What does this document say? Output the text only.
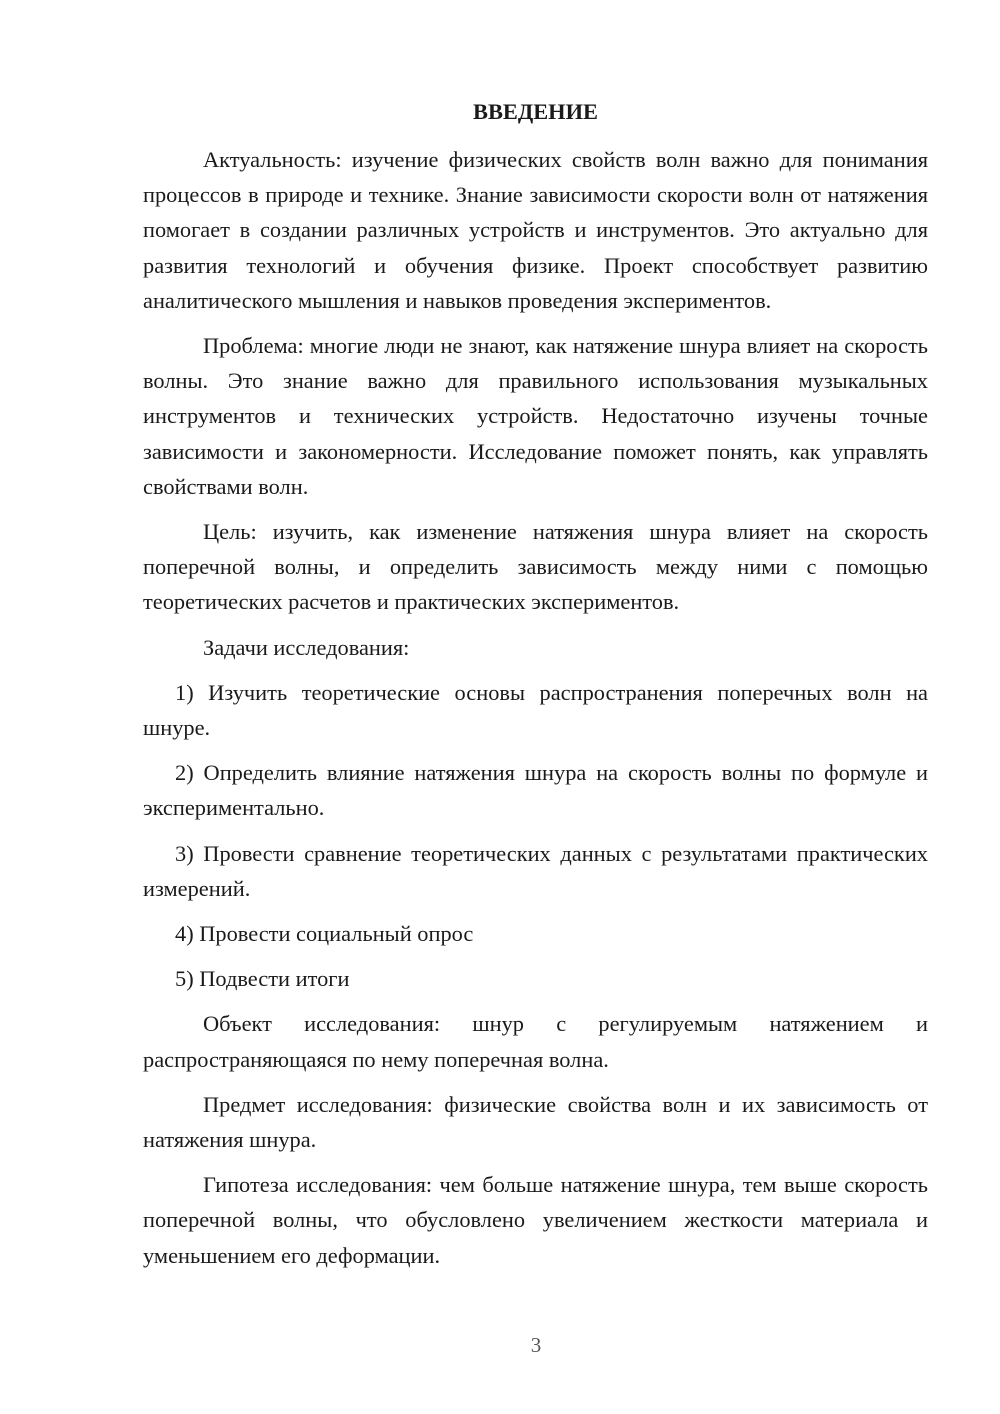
ВВЕДЕНИЕ

Актуальность: изучение физических свойств волн важно для понимания процессов в природе и технике. Знание зависимости скорости волн от натяжения помогает в создании различных устройств и инструментов. Это актуально для развития технологий и обучения физике. Проект способствует развитию аналитического мышления и навыков проведения экспериментов.

Проблема: многие люди не знают, как натяжение шнура влияет на скорость волны. Это знание важно для правильного использования музыкальных инструментов и технических устройств. Недостаточно изучены точные зависимости и закономерности. Исследование поможет понять, как управлять свойствами волн.

Цель: изучить, как изменение натяжения шнура влияет на скорость поперечной волны, и определить зависимость между ними с помощью теоретических расчетов и практических экспериментов.

Задачи исследования:

1) Изучить теоретические основы распространения поперечных волн на шнуре.

2) Определить влияние натяжения шнура на скорость волны по формуле и экспериментально.

3) Провести сравнение теоретических данных с результатами практических измерений.

4) Провести социальный опрос

5) Подвести итоги

Объект исследования: шнур с регулируемым натяжением и распространяющаяся по нему поперечная волна.

Предмет исследования: физические свойства волн и их зависимость от натяжения шнура.

Гипотеза исследования: чем больше натяжение шнура, тем выше скорость поперечной волны, что обусловлено увеличением жесткости материала и уменьшением его деформации.

3
